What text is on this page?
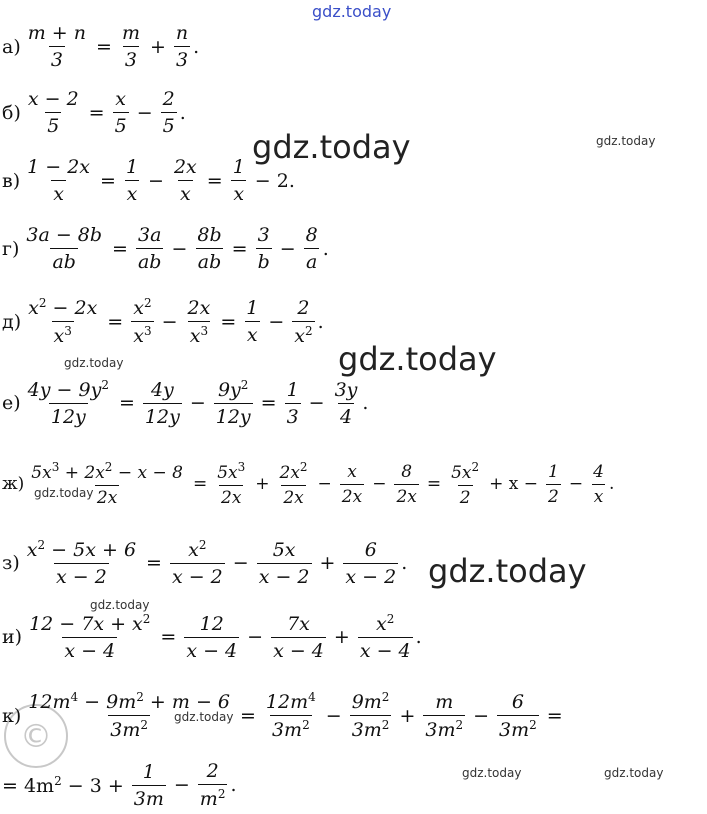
gdz.today
gdz.today	gdz.today
gdz.today
gdz.today
gdz.today
gdz.today
gdz.today
gdz.today
gdz.today	gdz.today
©
$а) \frac{m + n}{3} = \frac{m}{3} + \frac{n}{3}$ .
$б) \frac{x - 2}{5} = \frac{x}{5} - \frac{2}{5}$ .
$в) \frac{1 - 2x}{x} = \frac{1}{x} - \frac{2x}{x} = \frac{1}{x} - 2$.
$г) \frac{3a - 8b}{ab} = \frac{3a}{ab} - \frac{8b}{ab} = \frac{3}{b} - \frac{8}{a}$ .
$д) \frac{x^2 - 2x}{x^3} = \frac{x^2}{x^3} - \frac{2x}{x^3} = \frac{1}{x} - \frac{2}{x^2}$ .
$е) \frac{4y - 9y^2}{12y} = \frac{4y}{12y} - \frac{9y^2}{12y} = \frac{1}{3} - \frac{3y}{4}$ .
$ж) \frac{5x^3 + 2x^2 - x - 8}{2x} = \frac{5x^3}{2x} + \frac{2x^2}{2x} - \frac{x}{2x} - \frac{8}{2x} = \frac{5x^2}{2} + x - \frac{1}{2} - \frac{4}{x}$ .
$з) \frac{x^2 - 5x + 6}{x - 2} = \frac{x^2}{x - 2} - \frac{5x}{x - 2} + \frac{6}{x - 2}$ .
$и) \frac{12 - 7x + x^2}{x - 4} = \frac{12}{x - 4} - \frac{7x}{x - 4} + \frac{x^2}{x - 4}$ .
$к) \frac{12m^4 - 9m^2 + m - 6}{3m^2} = \frac{12m^4}{3m^2} - \frac{9m^2}{3m^2} + \frac{m}{3m^2} - \frac{6}{3m^2}$ =
= $4m^2 - 3 + \frac{1}{3m} - \frac{2}{m^2}$ .
